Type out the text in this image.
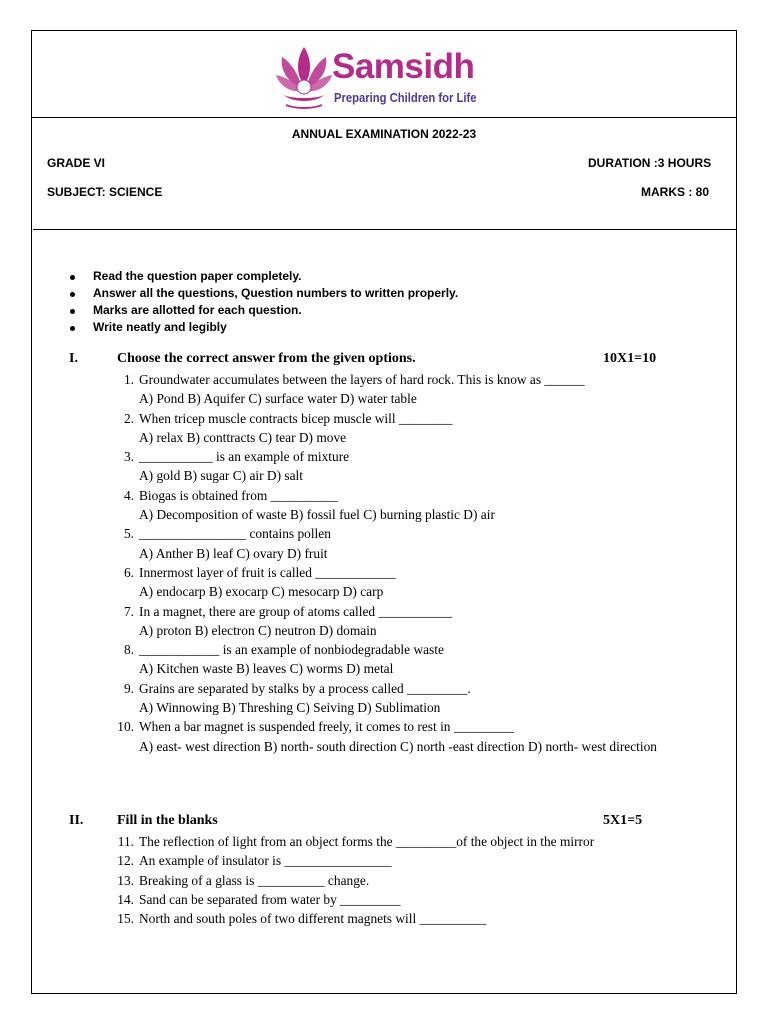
Samsidh
Preparing Children for Life
ANNUAL EXAMINATION 2022-23
GRADE VI	DURATION :3 HOURS
SUBJECT: SCIENCE	MARKS : 80
Read the question paper completely.
Answer all the questions, Question numbers to written properly.
Marks are allotted for each question.
Write neatly and legibly
I.	Choose the correct answer from the given options.	10X1=10
1. Groundwater accumulates between the layers of hard rock. This is know as ______
A) Pond B) Aquifer C) surface water D) water table
2. When tricep muscle contracts bicep muscle will ________
A) relax B) conttracts C) tear D) move
3. ___________ is an example of mixture
A) gold B) sugar C) air D) salt
4. Biogas is obtained from __________
A) Decomposition of waste B) fossil fuel C) burning plastic D) air
5. ________________ contains pollen
A) Anther B) leaf C) ovary D) fruit
6. Innermost layer of fruit is called ____________
A) endocarp B) exocarp C) mesocarp D) carp
7. In a magnet, there are group of atoms called ___________
A) proton B) electron C) neutron D) domain
8. ____________ is an example of nonbiodegradable waste
A) Kitchen waste B) leaves C) worms D) metal
9. Grains are separated by stalks by a process called _________.
A) Winnowing B) Threshing C) Seiving D) Sublimation
10. When a bar magnet is suspended freely, it comes to rest in _________
A) east- west direction B) north- south direction C) north -east direction D) north- west direction
II. Fill in the blanks	5X1=5
11. The reflection of light from an object forms the _________of the object in the mirror
12. An example of insulator is ________________
13. Breaking of a glass is __________ change.
14. Sand can be separated from water by _________
15. North and south poles of two different magnets will __________
